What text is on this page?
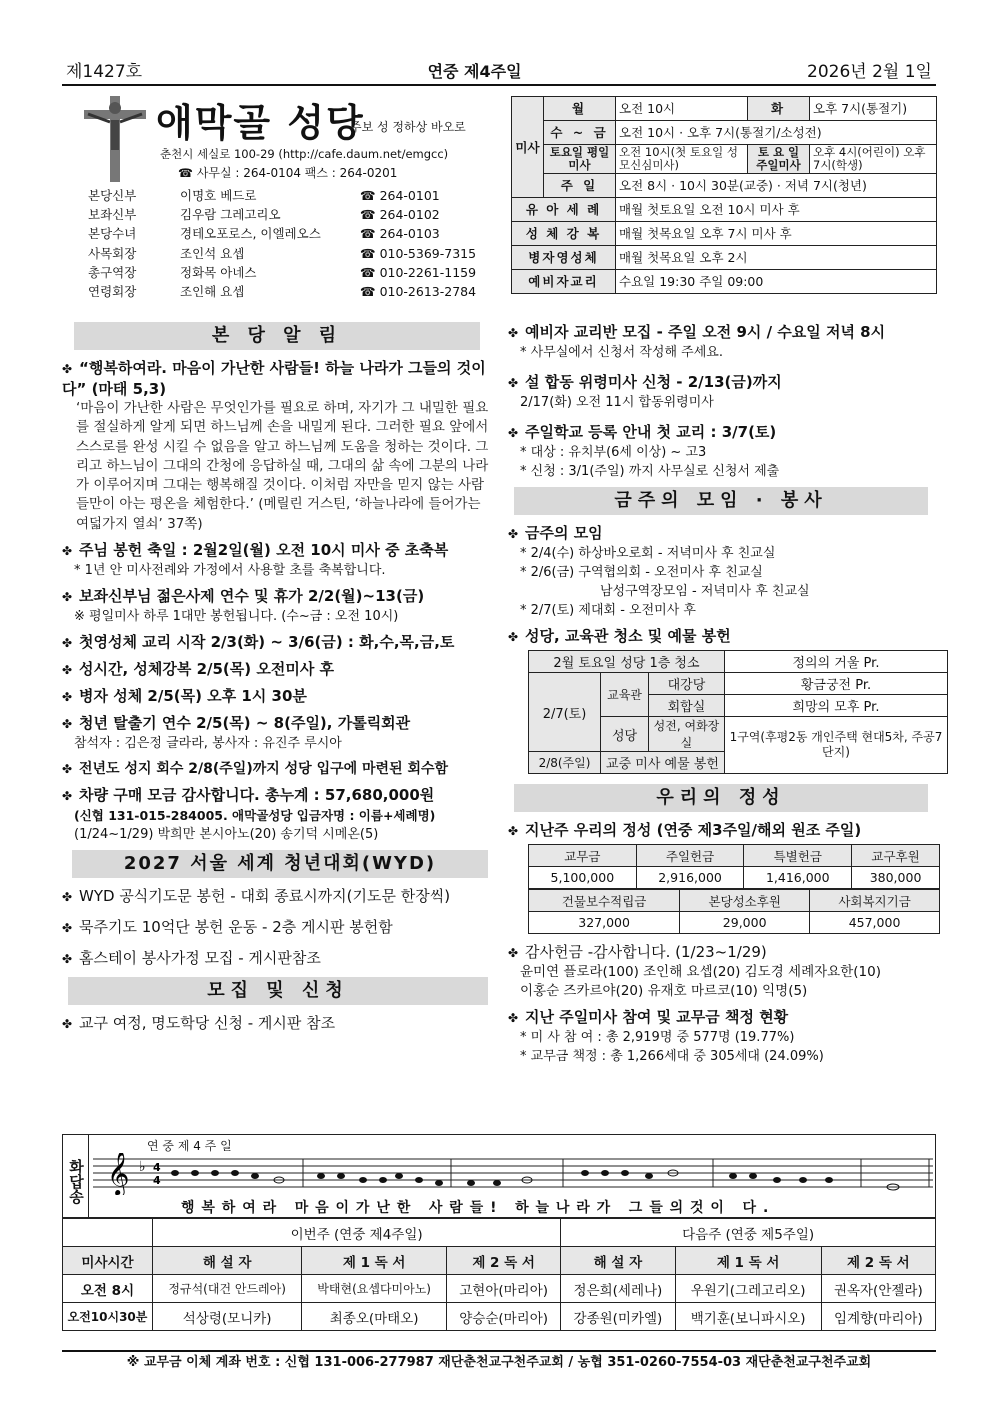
제1427호	연중 제4주일	2026년 2월 1일
애막골 성당
주보 성 정하상 바오로
춘천시 세실로 100-29 (http://cafe.daum.net/emgcc)
☎ 사무실 : 264-0104 팩스 : 264-0201
본당신부	이명호 베드로	☎ 264-0101
보좌신부	김우람 그레고리오	☎ 264-0102
본당수녀	경테오포로스, 이엘레오스	☎ 264-0103
사목회장	조인석 요셉	☎ 010-5369-7315
총구역장	정화목 아네스	☎ 010-2261-1159
연령회장	조인해 요셉	☎ 010-2613-2784
미사	월	오전 10시	화	오후 7시(통절기)
	수 ~ 금	오전 10시 · 오후 7시(통절기/소성전)		
	토요일 평일미사	오전 10시(첫 토요일 성모신심미사)	토 요 일 주일미사	오후 4시(어린이) 오후 7시(학생)
	주 일	오전 8시 · 10시 30분(교중) · 저녁 7시(청년)		
유 아 세 례		매월 첫토요일 오전 10시 미사 후		
성 체 강 복		매월 첫목요일 오후 7시 미사 후		
병자영성체		매월 첫목요일 오후 2시		
예비자교리		수요일 19:30 주일 09:00		
본 당 알 림
✤ “행복하여라. 마음이 가난한 사람들! 하늘 나라가 그들의 것이다” (마태 5,3)
‘마음이 가난한 사람은 무엇인가를 필요로 하며, 자기가 그 내밀한 필요를 절실하게 알게 되면 하느님께 손을 내밀게 된다. 그러한 필요 앞에서 스스로를 완성 시킬 수 없음을 알고 하느님께 도움을 청하는 것이다. 그리고 하느님이 그대의 간청에 응답하실 때, 그대의 삶 속에 그분의 나라가 이루어지며 그대는 행복해질 것이다. 이처럼 자만을 믿지 않는 사람들만이 아는 평온을 체험한다.’ (메릴린 거스틴, ‘하늘나라에 들어가는 여덟가지 열쇠’ 37쪽)
✤ 주님 봉헌 축일 : 2월2일(월) 오전 10시 미사 중 초축복
* 1년 안 미사전례와 가정에서 사용할 초를 축복합니다.
✤ 보좌신부님 젊은사제 연수 및 휴가 2/2(월)~13(금)
※ 평일미사 하루 1대만 봉헌됩니다. (수~금 : 오전 10시)
✤ 첫영성체 교리 시작 2/3(화) ~ 3/6(금) : 화,수,목,금,토
✤ 성시간, 성체강복 2/5(목) 오전미사 후
✤ 병자 성체 2/5(목) 오후 1시 30분
✤ 청년 탈출기 연수 2/5(목) ~ 8(주일), 가톨릭회관
참석자 : 김은정 글라라, 봉사자 : 유진주 루시아
✤ 전년도 성지 회수 2/8(주일)까지 성당 입구에 마련된 회수함
✤ 차량 구매 모금 감사합니다. 총누계 : 57,680,000원
(신협 131-015-284005. 애막골성당 입금자명 : 이름+세례명)
(1/24~1/29) 박희만 본시아노(20) 송기덕 시메온(5)
2027 서울 세계 청년대회(WYD)
✤ WYD 공식기도문 봉헌 - 대회 종료시까지(기도문 한장씩)
✤ 묵주기도 10억단 봉헌 운동 - 2층 게시판 봉헌함
✤ 홈스테이 봉사가정 모집 - 게시판참조
모집 및 신청
✤ 교구 여정, 명도학당 신청 - 게시판 참조
✤ 예비자 교리반 모집 - 주일 오전 9시 / 수요일 저녁 8시
* 사무실에서 신청서 작성해 주세요.
✤ 설 합동 위령미사 신청 - 2/13(금)까지
2/17(화) 오전 11시 합동위령미사
✤ 주일학교 등록 안내 첫 교리 : 3/7(토)
* 대상 : 유치부(6세 이상) ~ 고3
* 신청 : 3/1(주일) 까지 사무실로 신청서 제출
금주의 모임 · 봉사
✤ 금주의 모임
* 2/4(수) 하상바오로회 - 저녁미사 후 친교실
* 2/6(금) 구역협의회 - 오전미사 후 친교실
남성구역장모임 - 저녁미사 후 친교실
* 2/7(토) 제대회 - 오전미사 후
✤ 성당, 교육관 청소 및 예물 봉헌
2월 토요일 성당 1층 청소			정의의 거울 Pr.
2/7(토)	교육관	대강당	황금궁전 Pr.
		회합실	희망의 모후 Pr.
	성당	성전, 여화장실	1구역(후평2동 개인주택 현대5차, 주공7단지)
2/8(주일)	교중 미사 예물 봉헌		
우리의 정성
✤ 지난주 우리의 정성 (연중 제3주일/해외 원조 주일)
교무금	주일헌금	특별헌금	교구후원
5,100,000	2,916,000	1,416,000	380,000
건물보수적립금	본당성소후원	사회복지기금
327,000	29,000	457,000
✤ 감사헌금 -감사합니다. (1/23~1/29)
윤미연 플로라(100) 조인해 요셉(20) 김도경 세례자요한(10)
이홍순 즈카르야(20) 유재호 마르코(10) 익명(5)
✤ 지난 주일미사 참여 및 교무금 책정 현황
* 미 사 참 여 : 총 2,919명 중 577명 (19.77%)
* 교무금 책정 : 총 1,266세대 중 305세대 (24.09%)
화답송
연 중 제 4 주 일
𝄞 ♭ 4
4
행 복 하 여 라   마 음 이 가 난 한   사 람 들 !   하 늘 나 라 가   그 들 의 것 이   다 .
	이번주 (연중 제4주일)			다음주 (연중 제5주일)		
미사시간	해 설 자	제 1 독 서	제 2 독 서	해 설 자	제 1 독 서	제 2 독 서
오전 8시	정규석(대건 안드레아)	박태현(요셉다미아노)	고현아(마리아)	정은희(세레나)	우원기(그레고리오)	권옥자(안젤라)
오전10시30분	석상령(모니카)	최종오(마태오)	양승순(마리아)	강종원(미카엘)	백기훈(보니파시오)	임계향(마리아)
※ 교무금 이체 계좌 번호 : 신협 131-006-277987 재단춘천교구천주교회 / 농협 351-0260-7554-03 재단춘천교구천주교회
